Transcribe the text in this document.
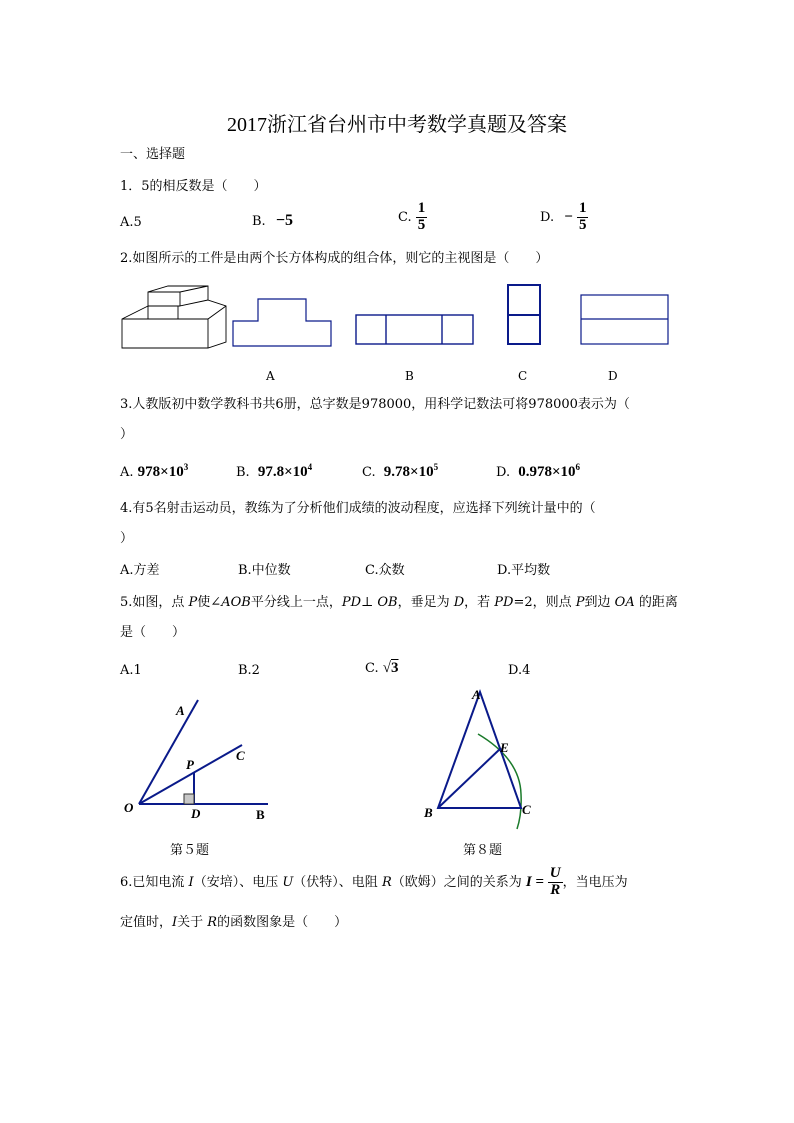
2017浙江省台州市中考数学真题及答案
一、选择题
1．5的相反数是（　　）
A.5	B. −5	C. $\frac{1}{5}$	D. − $\frac{1}{5}$
2.如图所示的工件是由两个长方体构成的组合体，则它的主视图是（　　）
A	B	C	D
3.人教版初中数学教科书共6册，总字数是978000，用科学记数法可将978000表示为（
）
A. $978\times 10^3$	B. $97.8\times 10^4$	C. $9.78\times 10^5$	D. $0.978\times 10^6$
4.有5名射击运动员，教练为了分析他们成绩的波动程度，应选择下列统计量中的（
）
A.方差	B.中位数	C.众数	D.平均数
5.如图，点 P使∠AOB平分线上一点，PD⊥ OB，垂足为 D，若 PD=2，则点 P到边 OA 的距离
是（　　）
A.1	B.2	C. √3	D.4
A
C
P
O	D	B
第５题
A
E
B	C
第８题
6.已知电流 I（安培）、电压 U（伏特）、电阻 R（欧姆）之间的关系为 $I = \frac{U}{R}$ ，当电压为
定值时，I关于 R的函数图象是（　　）
